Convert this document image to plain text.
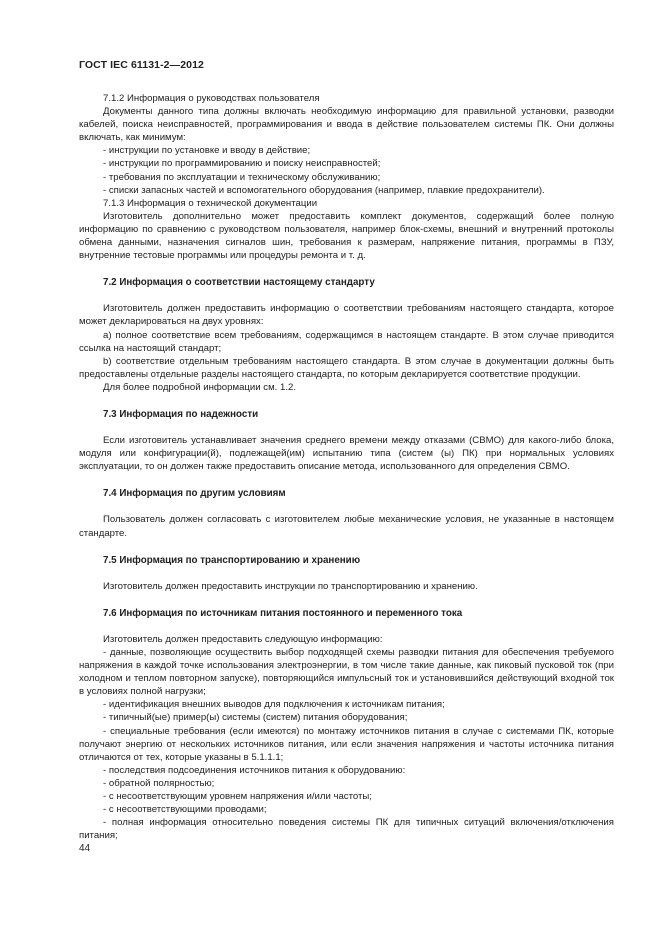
ГОСТ IEC 61131-2—2012

7.1.2 Информация о руководствах пользователя

Документы данного типа должны включать необходимую информацию для правильной установки, разводки кабелей, поиска неисправностей, программирования и ввода в действие пользователем системы ПК. Они должны включать, как минимум:

- инструкции по установке и вводу в действие;

- инструкции по программированию и поиску неисправностей;

- требования по эксплуатации и техническому обслуживанию;

- списки запасных частей и вспомогательного оборудования (например, плавкие предохранители).

7.1.3 Информация о технической документации

Изготовитель дополнительно может предоставить комплект документов, содержащий более полную информацию по сравнению с руководством пользователя, например блок-схемы, внешний и внутренний протоколы обмена данными, назначения сигналов шин, требования к размерам, напряжение питания, программы в ПЗУ, внутренние тестовые программы или процедуры ремонта и т. д.

7.2 Информация о соответствии настоящему стандарту

Изготовитель должен предоставить информацию о соответствии требованиям настоящего стандарта, которое может декларироваться на двух уровнях:

a) полное соответствие всем требованиям, содержащимся в настоящем стандарте. В этом случае приводится ссылка на настоящий стандарт;

b) соответствие отдельным требованиям настоящего стандарта. В этом случае в документации должны быть предоставлены отдельные разделы настоящего стандарта, по которым декларируется соответствие продукции.

Для более подробной информации см. 1.2.

7.3 Информация по надежности

Если изготовитель устанавливает значения среднего времени между отказами (СВМО) для какого-либо блока, модуля или конфигурации(й), подлежащей(им) испытанию типа (систем (ы) ПК) при нормальных условиях эксплуатации, то он должен также предоставить описание метода, использованного для определения СВМО.

7.4 Информация по другим условиям

Пользователь должен согласовать с изготовителем любые механические условия, не указанные в настоящем стандарте.

7.5 Информация по транспортированию и хранению

Изготовитель должен предоставить инструкции по транспортированию и хранению.

7.6 Информация по источникам питания постоянного и переменного тока

Изготовитель должен предоставить следующую информацию:

- данные, позволяющие осуществить выбор подходящей схемы разводки питания для обеспечения требуемого напряжения в каждой точке использования электроэнергии, в том числе такие данные, как пиковый пусковой ток (при холодном и теплом повторном запуске), повторяющийся импульсный ток и установившийся действующий входной ток в условиях полной нагрузки;

- идентификация внешних выводов для подключения к источникам питания;

- типичный(ые) пример(ы) системы (систем) питания оборудования;

- специальные требования (если имеются) по монтажу источников питания в случае с системами ПК, которые получают энергию от нескольких источников питания, или если значения напряжения и частоты источника питания отличаются от тех, которые указаны в 5.1.1.1;

- последствия подсоединения источников питания к оборудованию:

- обратной полярностью;

- с несоответствующим уровнем напряжения и/или частоты;

- с несоответствующими проводами;

- полная информация относительно поведения системы ПК для типичных ситуаций включения/отключения питания;

44
